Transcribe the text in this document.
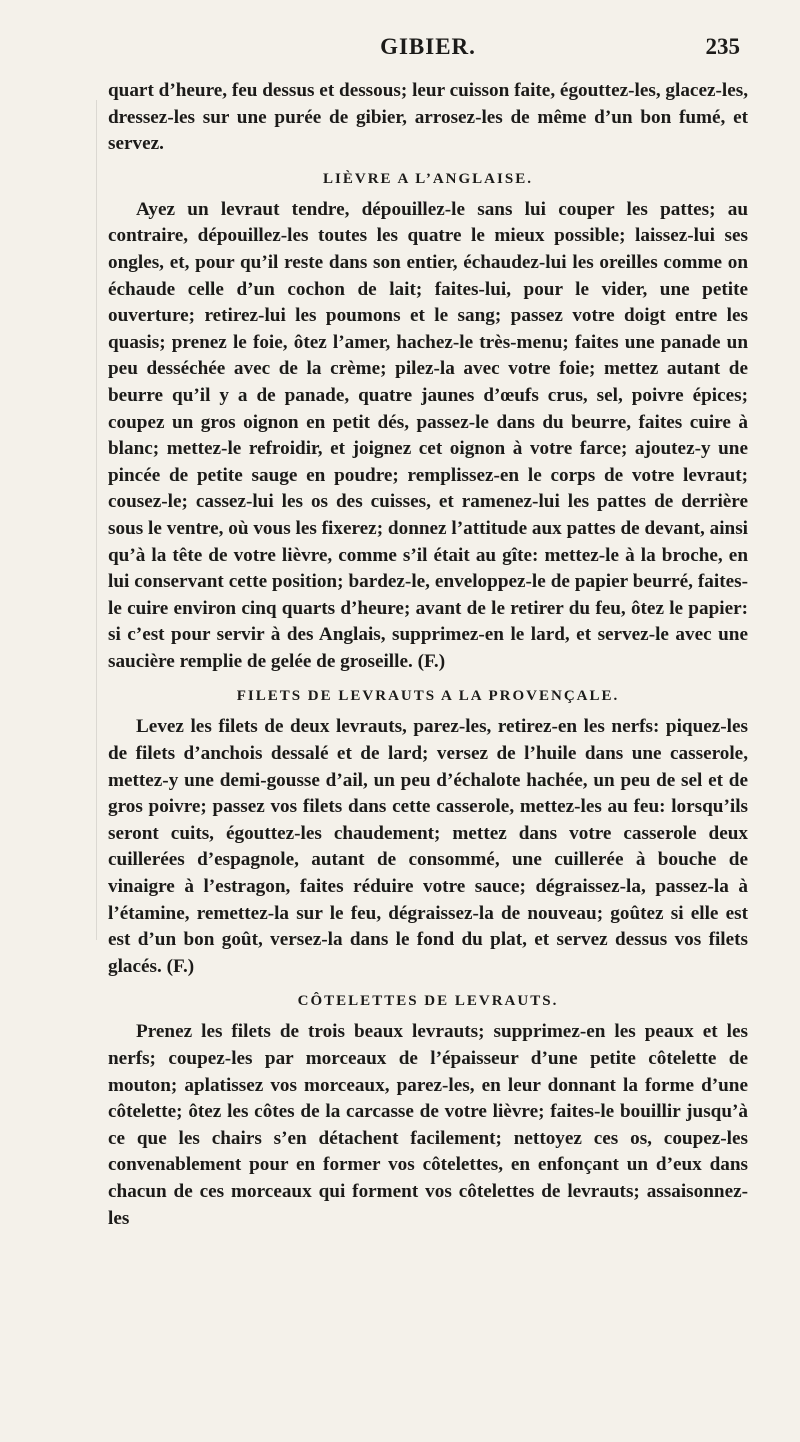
GIBIER.	235

quart d’heure, feu dessus et dessous; leur cuisson faite, égouttez-les, glacez-les, dressez-les sur une purée de gibier, arrosez-les de même d’un bon fumé, et servez.

LIÈVRE A L’ANGLAISE.

Ayez un levraut tendre, dépouillez-le sans lui couper les pattes; au contraire, dépouillez-les toutes les quatre le mieux possible; laissez-lui ses ongles, et, pour qu’il reste dans son entier, échaudez-lui les oreilles comme on échaude celle d’un cochon de lait; faites-lui, pour le vider, une petite ouverture; retirez-lui les poumons et le sang; passez votre doigt entre les quasis; prenez le foie, ôtez l’amer, hachez-le très-menu; faites une panade un peu desséchée avec de la crème; pilez-la avec votre foie; mettez autant de beurre qu’il y a de panade, quatre jaunes d’œufs crus, sel, poivre épices; coupez un gros oignon en petit dés, passez-le dans du beurre, faites cuire à blanc; mettez-le refroidir, et joignez cet oignon à votre farce; ajoutez-y une pincée de petite sauge en poudre; remplissez-en le corps de votre levraut; cousez-le; cassez-lui les os des cuisses, et ramenez-lui les pattes de derrière sous le ventre, où vous les fixerez; donnez l’attitude aux pattes de devant, ainsi qu’à la tête de votre lièvre, comme s’il était au gîte: mettez-le à la broche, en lui conservant cette position; bardez-le, enveloppez-le de papier beurré, faites-le cuire environ cinq quarts d’heure; avant de le retirer du feu, ôtez le papier: si c’est pour servir à des Anglais, supprimez-en le lard, et servez-le avec une saucière remplie de gelée de groseille. (F.)

FILETS DE LEVRAUTS A LA PROVENÇALE.

Levez les filets de deux levrauts, parez-les, retirez-en les nerfs: piquez-les de filets d’anchois dessalé et de lard; versez de l’huile dans une casserole, mettez-y une demi-gousse d’ail, un peu d’échalote hachée, un peu de sel et de gros poivre; passez vos filets dans cette casserole, mettez-les au feu: lorsqu’ils seront cuits, égouttez-les chaudement; mettez dans votre casserole deux cuillerées d’espagnole, autant de consommé, une cuillerée à bouche de vinaigre à l’estragon, faites réduire votre sauce; dégraissez-la, passez-la à l’étamine, remettez-la sur le feu, dégraissez-la de nouveau; goûtez si elle est est d’un bon goût, versez-la dans le fond du plat, et servez dessus vos filets glacés. (F.)

CÔTELETTES DE LEVRAUTS.

Prenez les filets de trois beaux levrauts; supprimez-en les peaux et les nerfs; coupez-les par morceaux de l’épaisseur d’une petite côtelette de mouton; aplatissez vos morceaux, parez-les, en leur donnant la forme d’une côtelette; ôtez les côtes de la carcasse de votre lièvre; faites-le bouillir jusqu’à ce que les chairs s’en détachent facilement; nettoyez ces os, coupez-les convenablement pour en former vos côtelettes, en enfonçant un d’eux dans chacun de ces morceaux qui forment vos côtelettes de levrauts; assaisonnez-les
